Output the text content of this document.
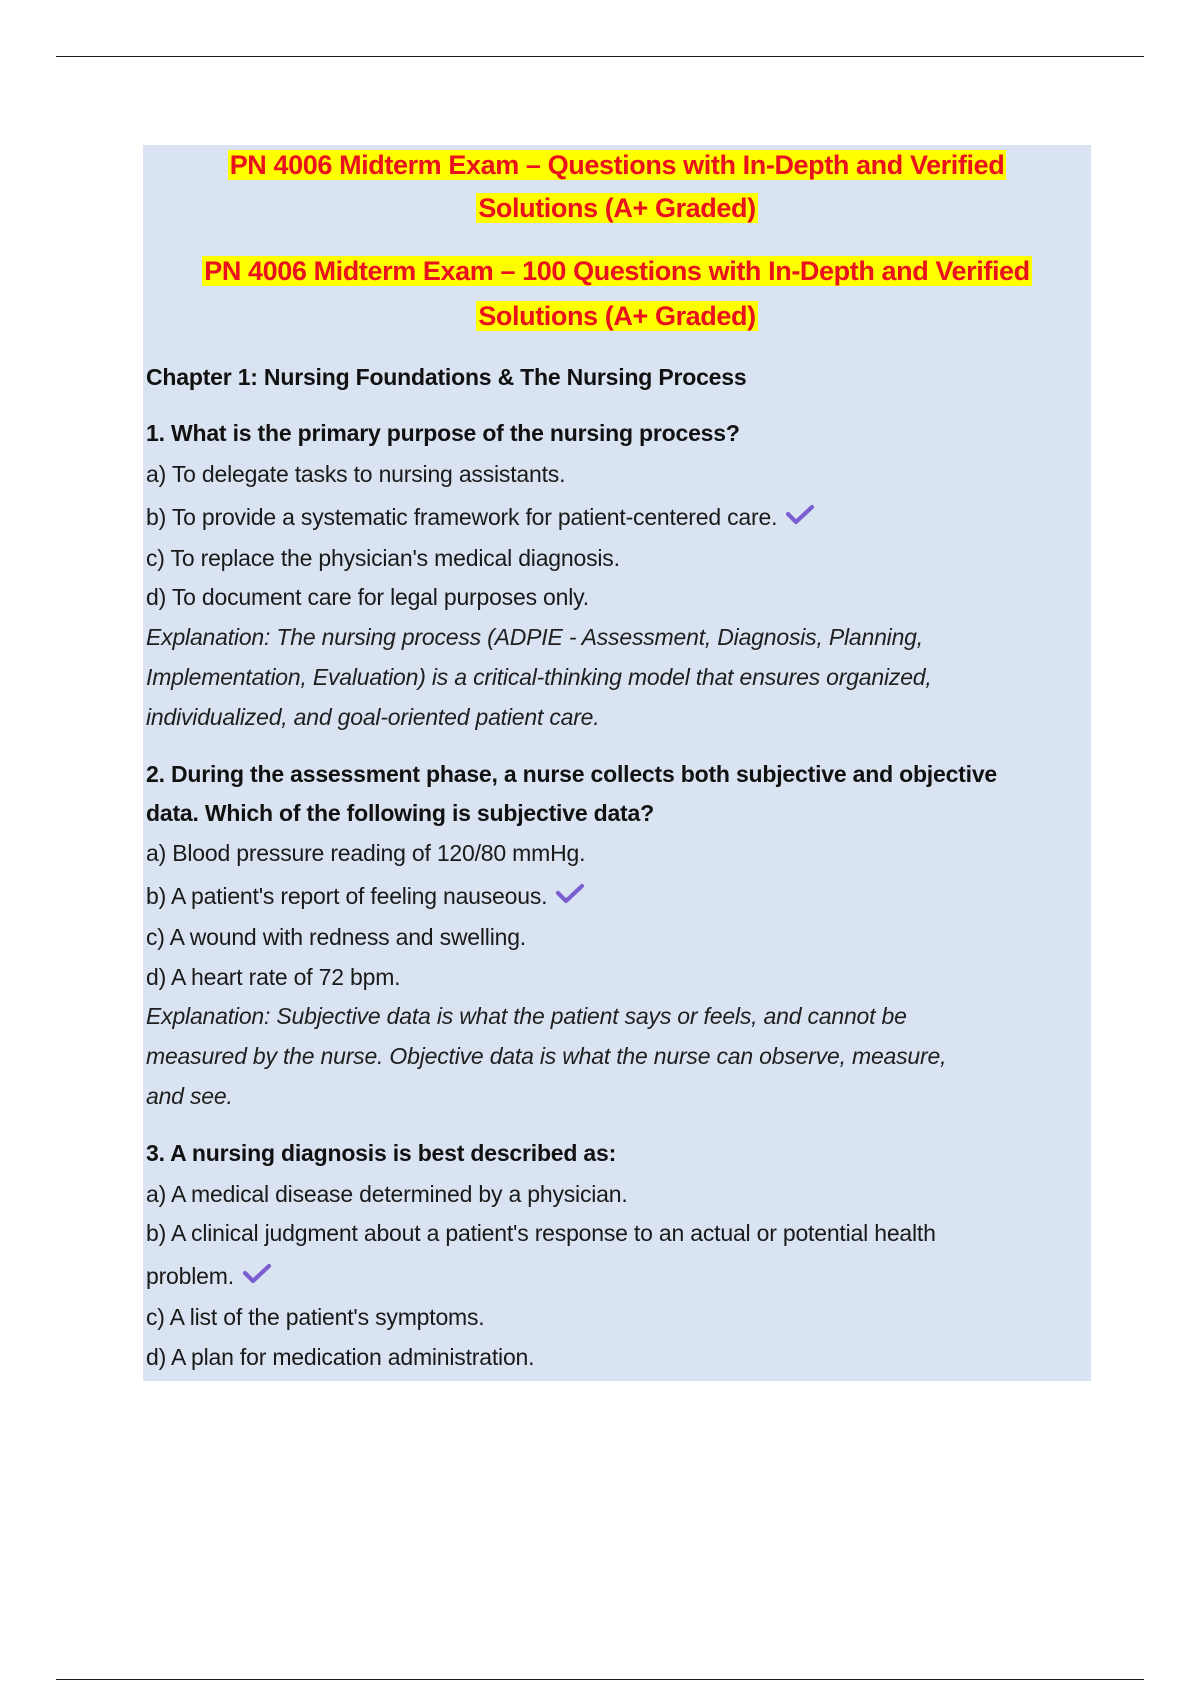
PN 4006 Midterm Exam – Questions with In-Depth and Verified
Solutions (A+ Graded)
PN 4006 Midterm Exam – 100 Questions with In-Depth and Verified
Solutions (A+ Graded)
Chapter 1: Nursing Foundations & The Nursing Process
1. What is the primary purpose of the nursing process?
a) To delegate tasks to nursing assistants.
b) To provide a systematic framework for patient-centered care.
c) To replace the physician's medical diagnosis.
d) To document care for legal purposes only.
Explanation: The nursing process (ADPIE - Assessment, Diagnosis, Planning,
Implementation, Evaluation) is a critical-thinking model that ensures organized,
individualized, and goal-oriented patient care.
2. During the assessment phase, a nurse collects both subjective and objective
data. Which of the following is subjective data?
a) Blood pressure reading of 120/80 mmHg.
b) A patient's report of feeling nauseous.
c) A wound with redness and swelling.
d) A heart rate of 72 bpm.
Explanation: Subjective data is what the patient says or feels, and cannot be
measured by the nurse. Objective data is what the nurse can observe, measure,
and see.
3. A nursing diagnosis is best described as:
a) A medical disease determined by a physician.
b) A clinical judgment about a patient's response to an actual or potential health
problem.
c) A list of the patient's symptoms.
d) A plan for medication administration.
